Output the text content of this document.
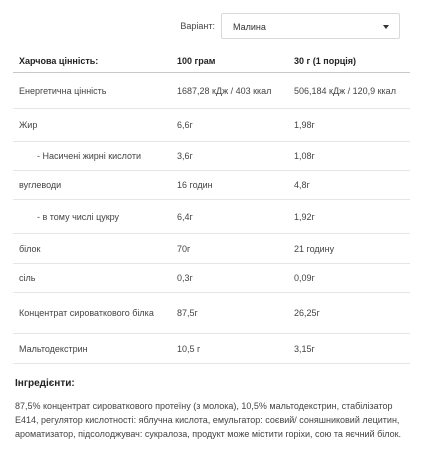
Варіант: Малина
Харчова цінність:	100 грам	30 г (1 порція)
Енергетична цінність	1687,28 кДж / 403 ккал	506,184 кДж / 120,9 ккал
Жир	6,6г	1,98г
- Насичені жирні кислоти	3,6г	1,08г
вуглеводи	16 годин	4,8г
- в тому числі цукру	6,4г	1,92г
білок	70г	21 годину
сіль	0,3г	0,09г
Концентрат сироваткового білка	87,5г	26,25г
Мальтодекстрин	10,5 г	3,15г
Інгредієнти:
87,5% концентрат сироваткового протеїну (з молока), 10,5% мальтодекстрин, стабілізатор Е414, регулятор кислотності: яблучна кислота, емульгатор: соєвий/ соняшниковий лецитин, ароматизатор, підсолоджувач: сукралоза, продукт може містити горіхи, сою та яєчний білок.
